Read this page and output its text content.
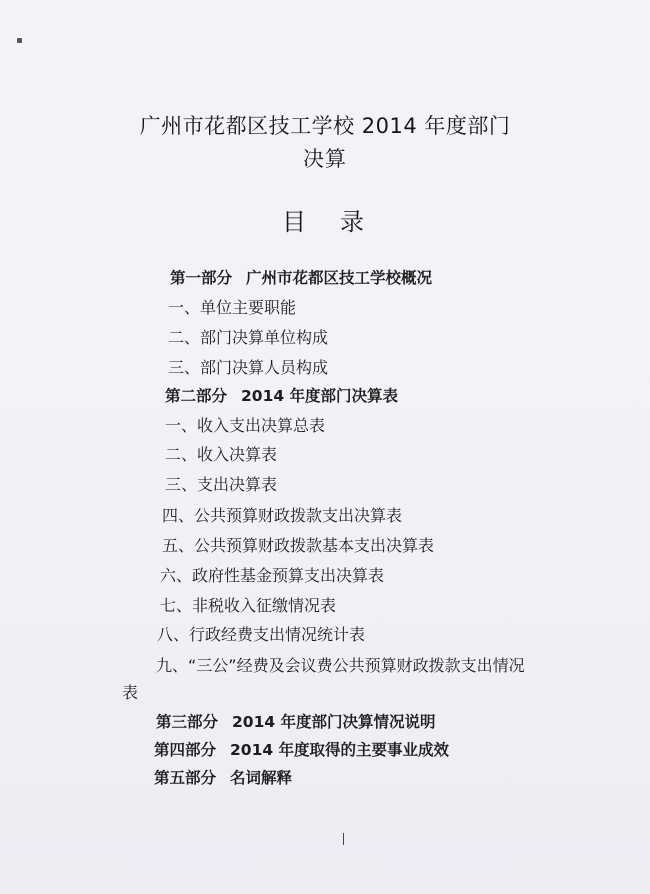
广州市花都区技工学校 2014 年度部门
决算
目录
第一部分 广州市花都区技工学校概况
一、单位主要职能
二、部门决算单位构成
三、部门决算人员构成
第二部分 2014 年度部门决算表
一、收入支出决算总表
二、收入决算表
三、支出决算表
四、公共预算财政拨款支出决算表
五、公共预算财政拨款基本支出决算表
六、政府性基金预算支出决算表
七、非税收入征缴情况表
八、行政经费支出情况统计表
九、“三公”经费及会议费公共预算财政拨款支出情况
表
第三部分 2014 年度部门决算情况说明
第四部分 2014 年度取得的主要事业成效
第五部分 名词解释
